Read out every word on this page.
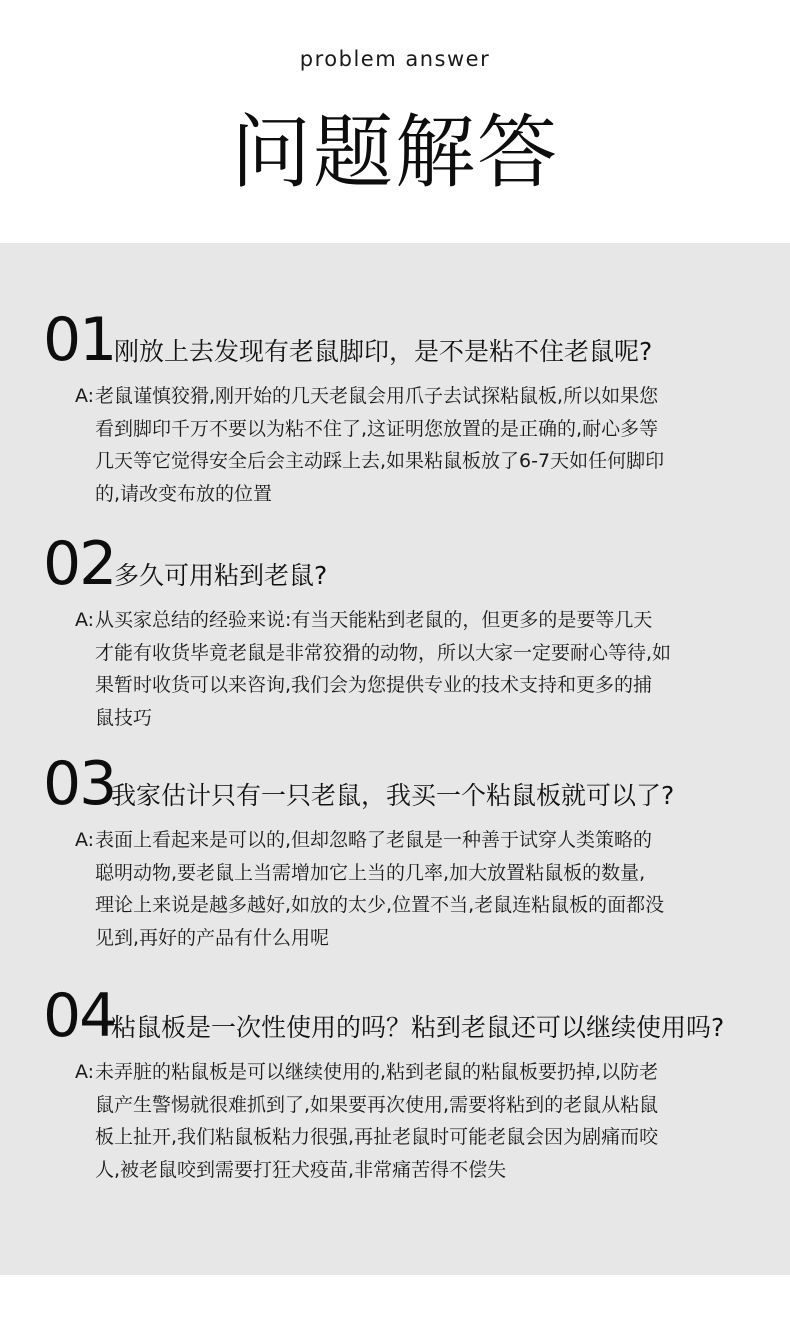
problem answer
问题解答
01
刚放上去发现有老鼠脚印，是不是粘不住老鼠呢?
A: 老鼠谨慎狡猾,刚开始的几天老鼠会用爪子去试探粘鼠板,所以如果您
看到脚印千万不要以为粘不住了,这证明您放置的是正确的,耐心多等
几天等它觉得安全后会主动踩上去,如果粘鼠板放了6-7天如任何脚印
的,请改变布放的位置
02
多久可用粘到老鼠?
A: 从买家总结的经验来说:有当天能粘到老鼠的，但更多的是要等几天
才能有收货毕竟老鼠是非常狡猾的动物，所以大家一定要耐心等待,如
果暂时收货可以来咨询,我们会为您提供专业的技术支持和更多的捕
鼠技巧
03
我家估计只有一只老鼠，我买一个粘鼠板就可以了?
A: 表面上看起来是可以的,但却忽略了老鼠是一种善于试穿人类策略的
聪明动物,要老鼠上当需增加它上当的几率,加大放置粘鼠板的数量,
理论上来说是越多越好,如放的太少,位置不当,老鼠连粘鼠板的面都没
见到,再好的产品有什么用呢
04
粘鼠板是一次性使用的吗？粘到老鼠还可以继续使用吗?
A: 未弄脏的粘鼠板是可以继续使用的,粘到老鼠的粘鼠板要扔掉,以防老
鼠产生警惕就很难抓到了,如果要再次使用,需要将粘到的老鼠从粘鼠
板上扯开,我们粘鼠板粘力很强,再扯老鼠时可能老鼠会因为剧痛而咬
人,被老鼠咬到需要打狂犬疫苗,非常痛苦得不偿失
